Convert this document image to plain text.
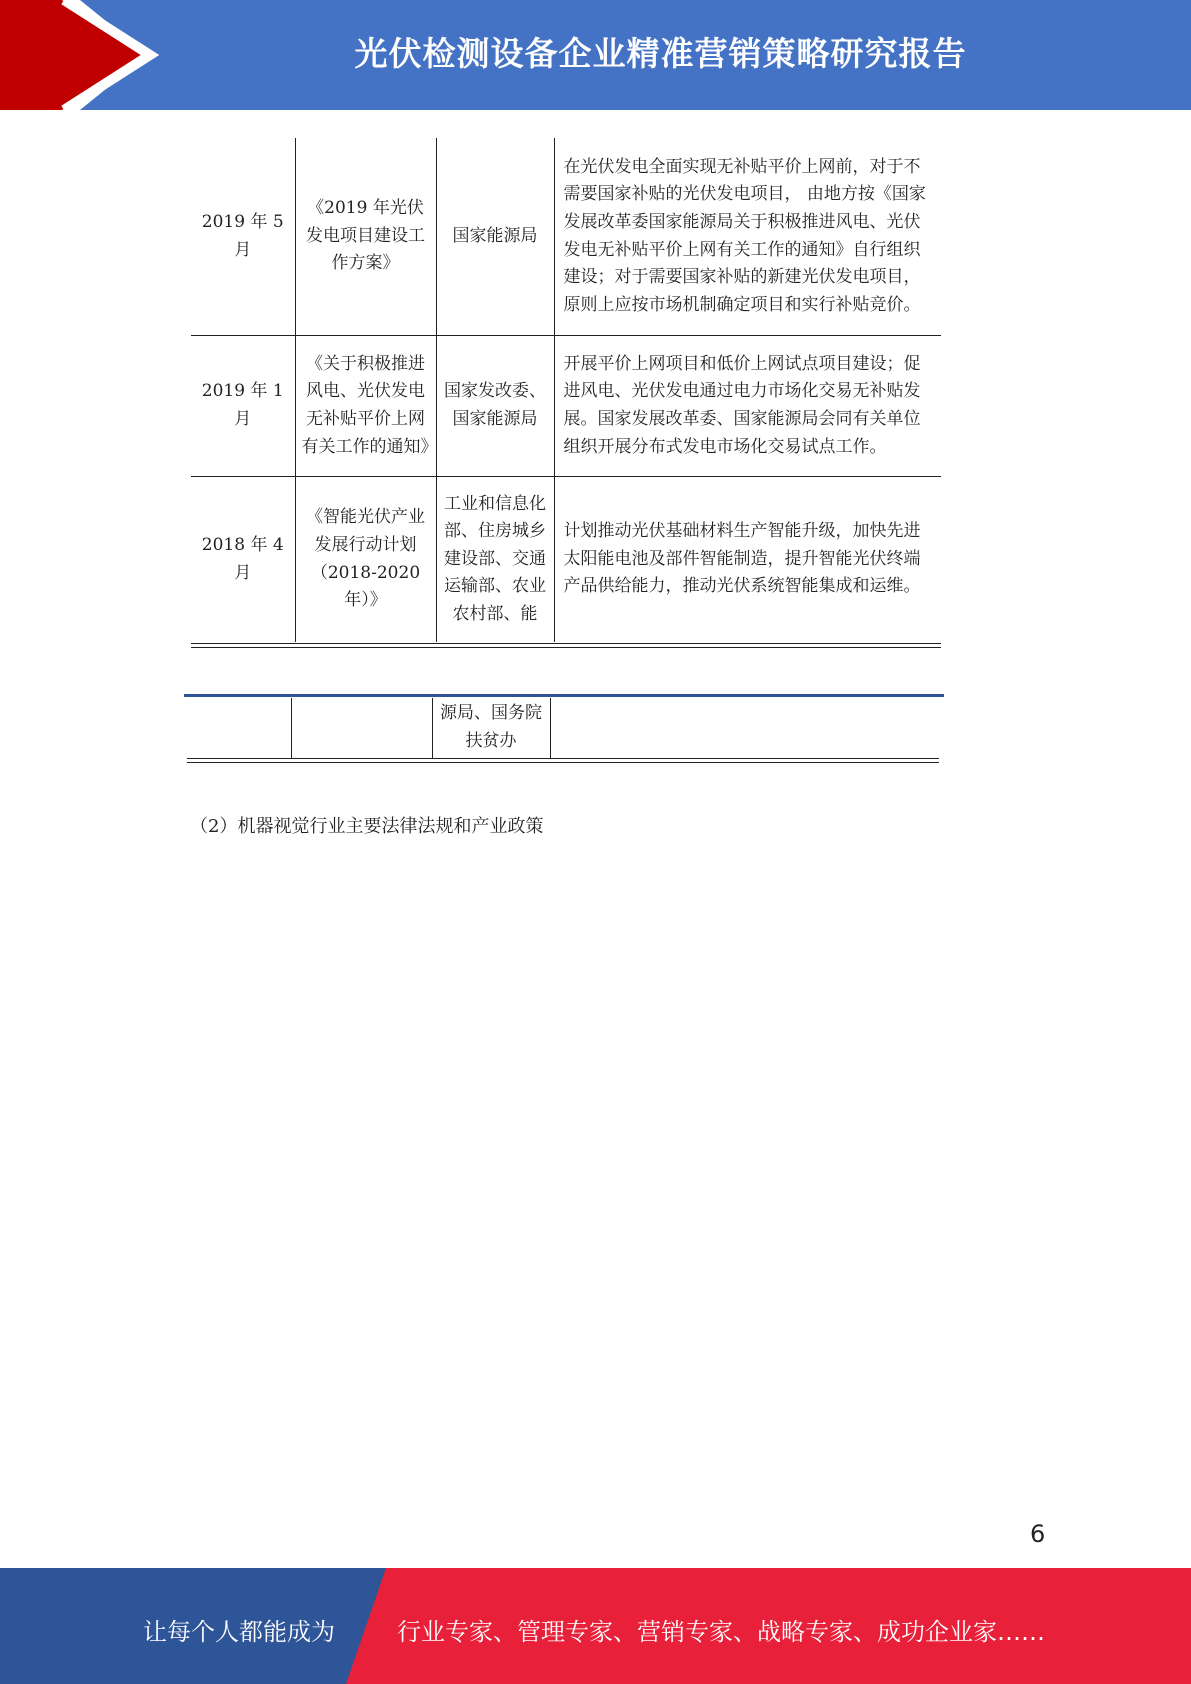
光伏检测设备企业精准营销策略研究报告
2019 年 5 月	《2019 年光伏发电项目建设工作方案》	国家能源局	在光伏发电全面实现无补贴平价上网前，对于不需要国家补贴的光伏发电项目， 由地方按《国家发展改革委国家能源局关于积极推进风电、光伏发电无补贴平价上网有关工作的通知》自行组织建设；对于需要国家补贴的新建光伏发电项目，原则上应按市场机制确定项目和实行补贴竞价。
2019 年 1 月	《关于积极推进风电、光伏发电无补贴平价上网有关工作的通知》	国家发改委、国家能源局	开展平价上网项目和低价上网试点项目建设；促进风电、光伏发电通过电力市场化交易无补贴发展。国家发展改革委、国家能源局会同有关单位组织开展分布式发电市场化交易试点工作。
2018 年 4 月	《智能光伏产业发展行动计划（2018-2020 年）》	工业和信息化部、住房城乡建设部、交通运输部、农业农村部、能	计划推动光伏基础材料生产智能升级，加快先进太阳能电池及部件智能制造，提升智能光伏终端产品供给能力，推动光伏系统智能集成和运维。
		源局、国务院扶贫办	
（2）机器视觉行业主要法律法规和产业政策
6
让每个人都能成为	行业专家、管理专家、营销专家、战略专家、成功企业家……
